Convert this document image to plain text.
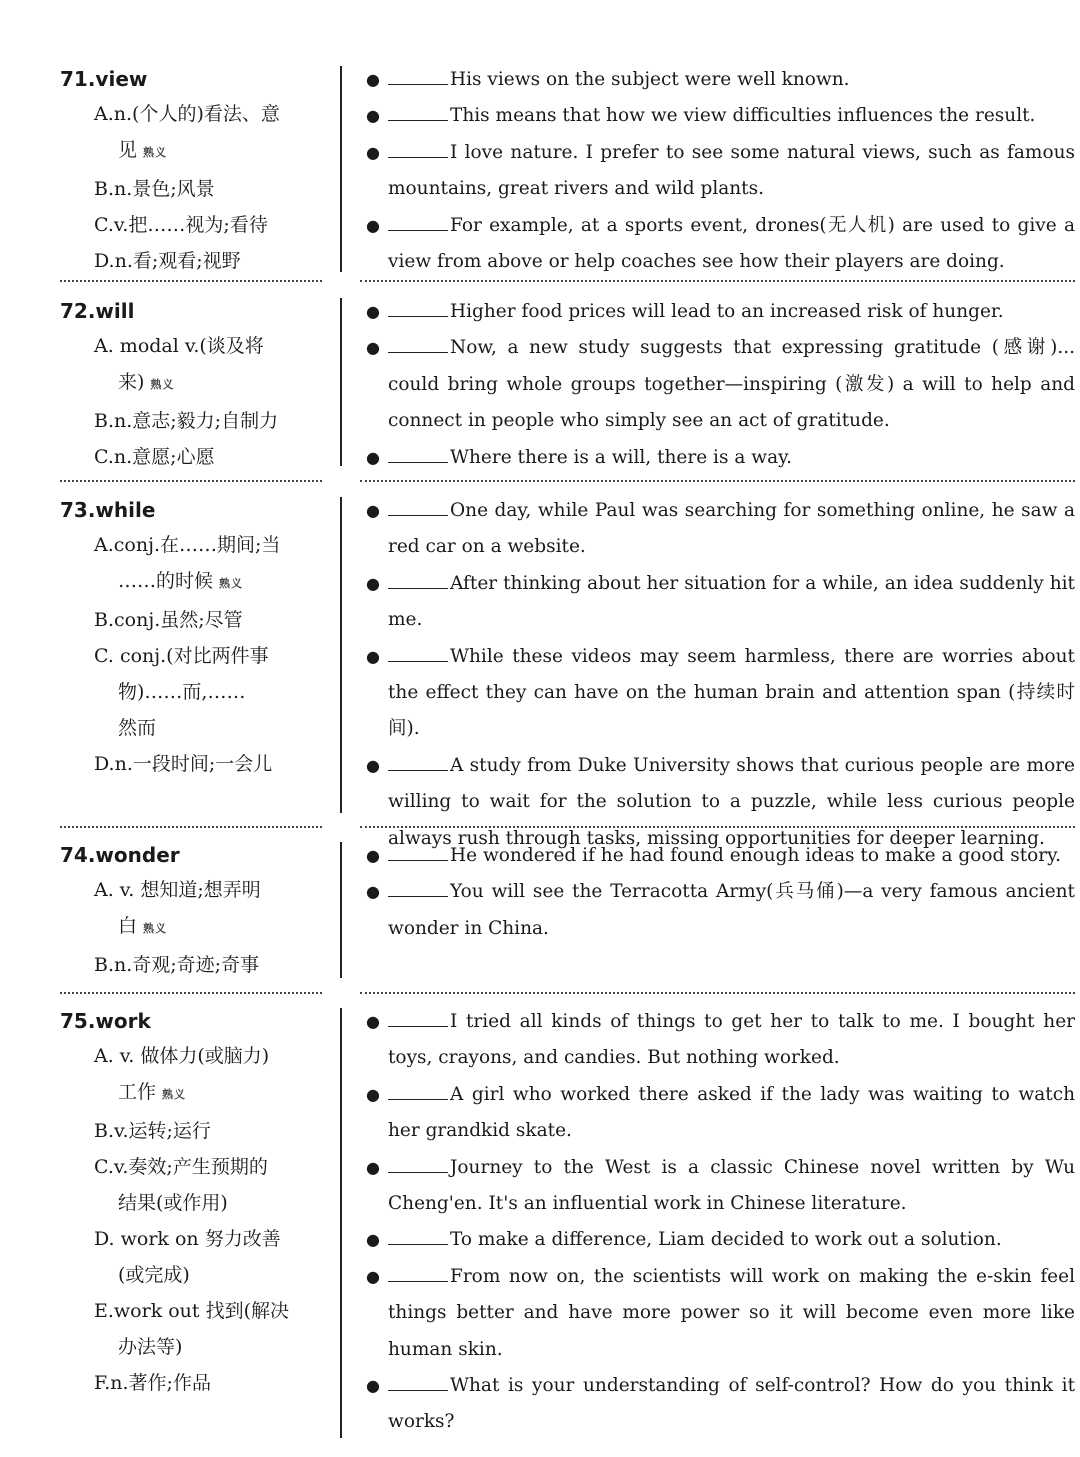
71.view
A.n.(个人的)看法、意
见熟义
B.n.景色;风景
C.v.把……视为;看待
D.n.看;观看;视野
●	His views on the subject were well known.
●	This means that how we view difficulties influences the result.
●	I love nature. I prefer to see some natural views, such as famous mountains, great rivers and wild plants.
●	For example, at a sports event, drones(无人机) are used to give a view from above or help coaches see how their players are doing.
72.will
A. modal v.(谈及将
来) 熟义
B.n.意志;毅力;自制力
C.n.意愿;心愿
●	Higher food prices will lead to an increased risk of hunger.
●	Now, a new study suggests that expressing gratitude (感谢)... could bring whole groups together—inspiring (激发) a will to help and connect in people who simply see an act of gratitude.
●	Where there is a will, there is a way.
73.while
A.conj.在……期间;当
……的时候 熟义
B.conj.虽然;尽管
C. conj.(对比两件事
物)……而,……
然而
D.n.一段时间;一会儿
●	One day, while Paul was searching for something online, he saw a red car on a website.
●	After thinking about her situation for a while, an idea suddenly hit me.
●	While these videos may seem harmless, there are worries about the effect they can have on the human brain and attention span (持续时间).
●	A study from Duke University shows that curious people are more willing to wait for the solution to a puzzle, while less curious people always rush through tasks, missing opportunities for deeper learning.
74.wonder
A. v. 想知道;想弄明
白熟义
B.n.奇观;奇迹;奇事
●	He wondered if he had found enough ideas to make a good story.
●	You will see the Terracotta Army(兵马俑)—a very famous ancient wonder in China.
75.work
A. v. 做体力(或脑力)
工作 熟义
B.v.运转;运行
C.v.奏效;产生预期的
结果(或作用)
D. work on 努力改善
(或完成)
E.work out 找到(解决
办法等)
F.n.著作;作品
●	I tried all kinds of things to get her to talk to me. I bought her toys, crayons, and candies. But nothing worked.
●	A girl who worked there asked if the lady was waiting to watch her grandkid skate.
●	Journey to the West is a classic Chinese novel written by Wu Cheng'en. It's an influential work in Chinese literature.
●	To make a difference, Liam decided to work out a solution.
●	From now on, the scientists will work on making the e-skin feel things better and have more power so it will become even more like human skin.
●	What is your understanding of self-control? How do you think it works?
